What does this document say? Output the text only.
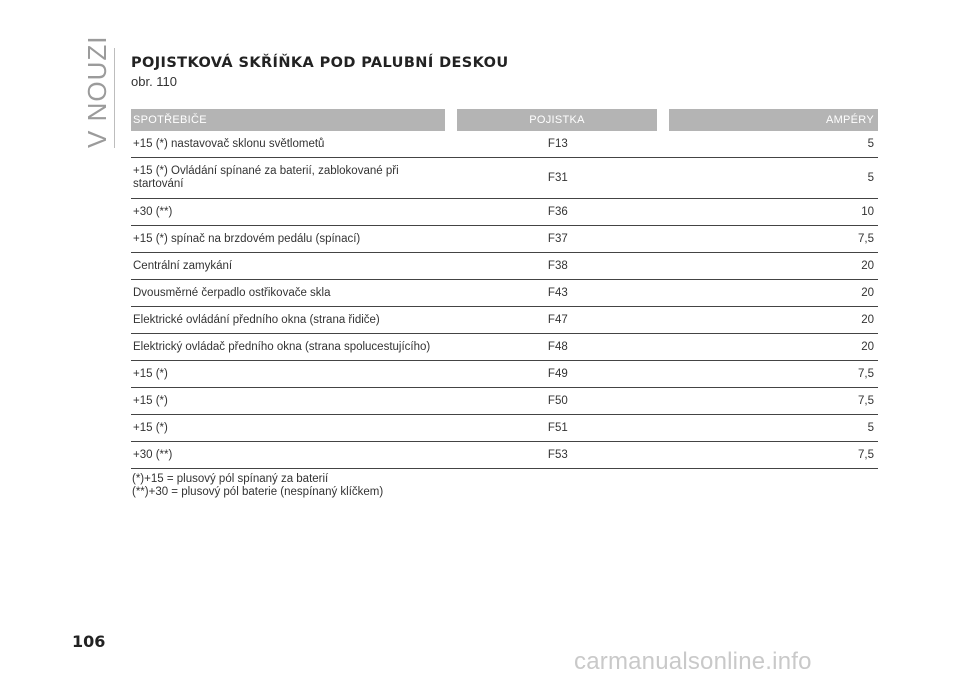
V NOUZI POJISTKOVÁ SKŘÍŇKA POD PALUBNÍ DESKOU
obr. 110
SPOTŘEBIČE	POJISTKA	AMPÉRY
+15 (*) nastavovač sklonu světlometů	F13	5
+15 (*) Ovládání spínané za baterií, zablokované při startování	F31	5
+30 (**)	F36	10
+15 (*) spínač na brzdovém pedálu (spínací)	F37	7,5
Centrální zamykání	F38	20
Dvousměrné čerpadlo ostřikovače skla	F43	20
Elektrické ovládání předního okna (strana řidiče)	F47	20
Elektrický ovládač předního okna (strana spolucestujícího)	F48	20
+15 (*)	F49	7,5
+15 (*)	F50	7,5
+15 (*)	F51	5
+30 (**)	F53	7,5
(*)+15 = plusový pól spínaný za baterií
(**)+30 = plusový pól baterie (nespínaný klíčkem)
106
carmanualsonline.info
